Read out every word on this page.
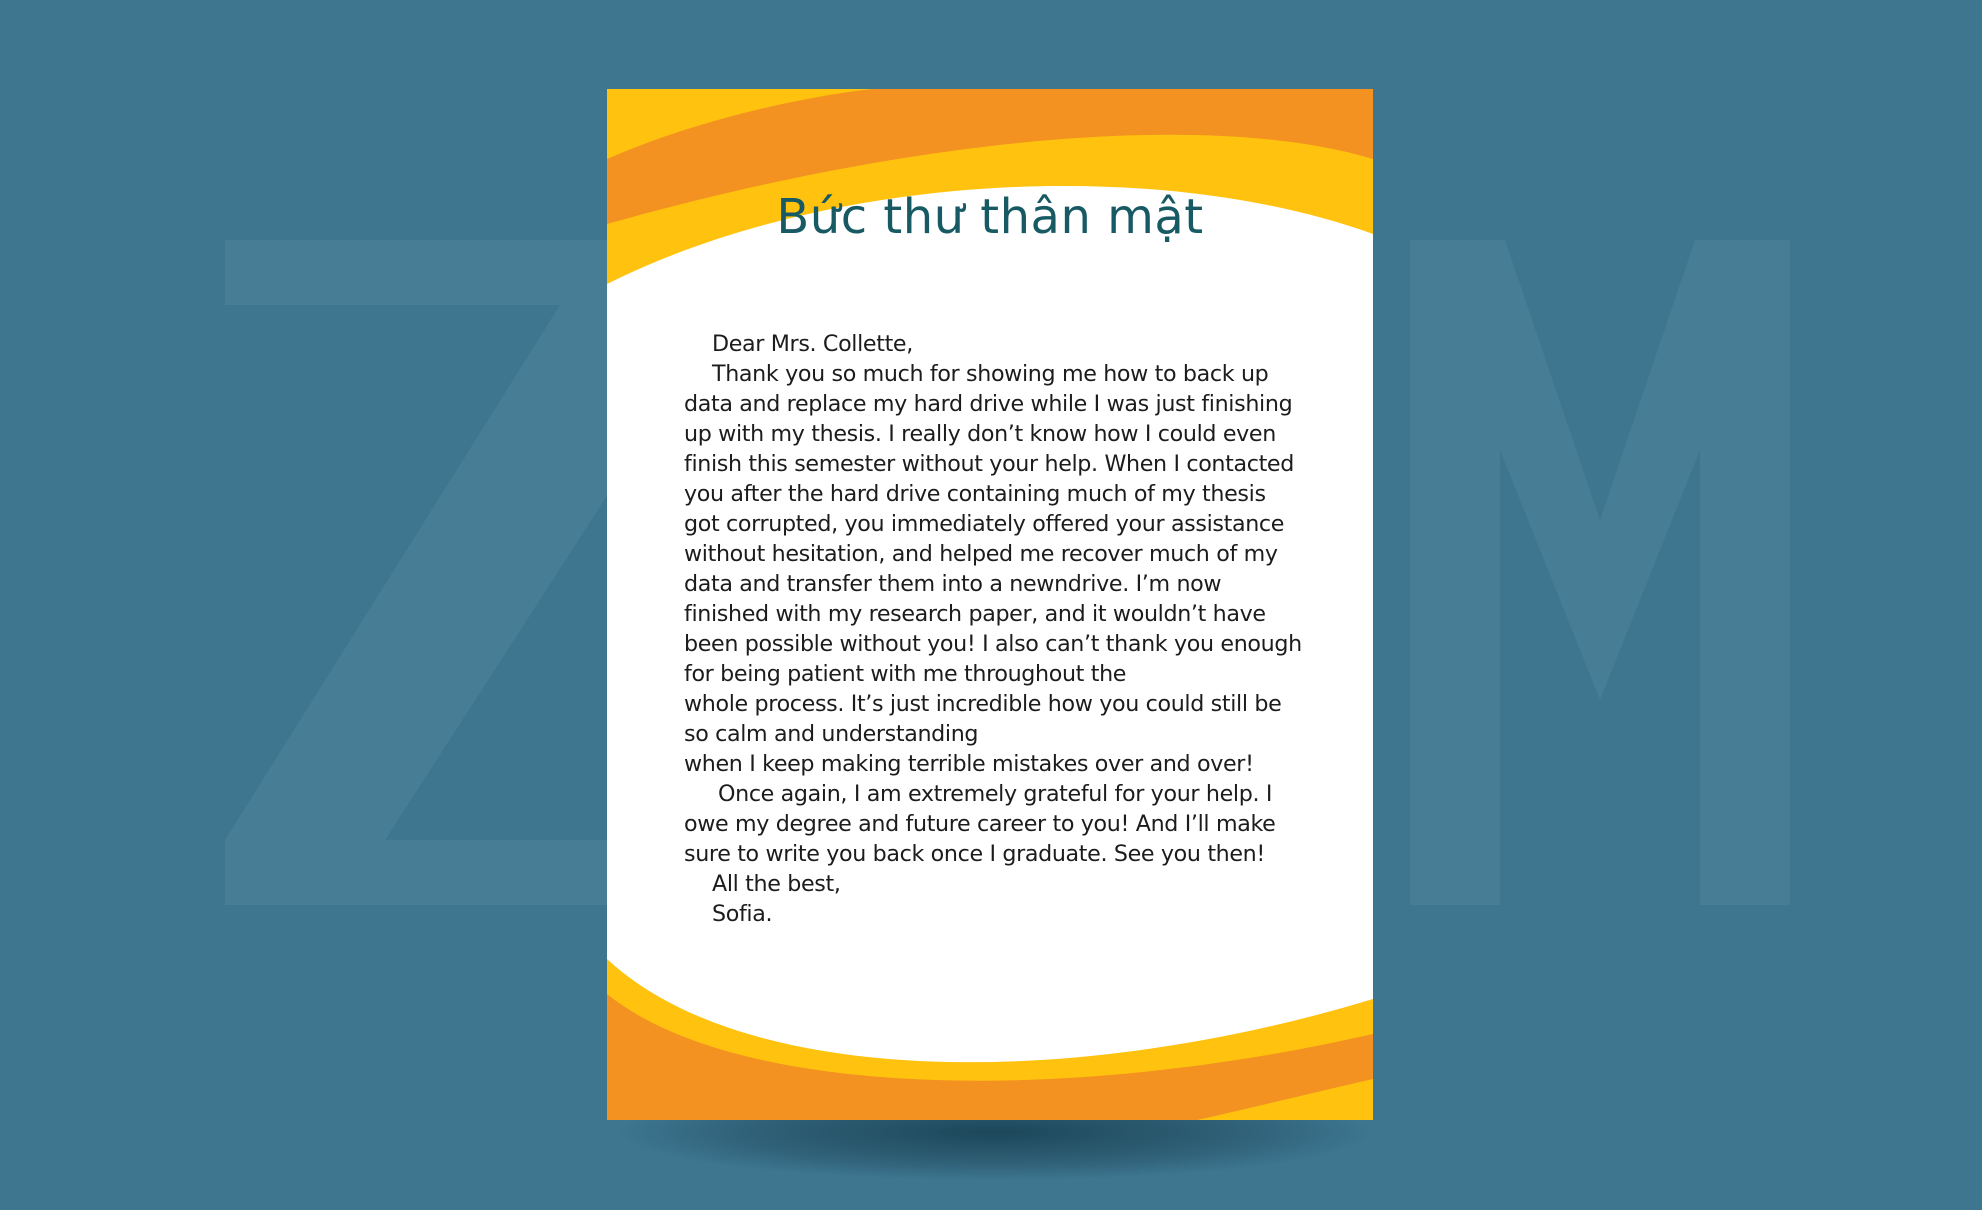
Bức thư thân mật
Dear Mrs. Collette,
Thank you so much for showing me how to back up
data and replace my hard drive while I was just finishing
up with my thesis. I really don’t know how I could even
finish this semester without your help. When I contacted
you after the hard drive containing much of my thesis
got corrupted, you immediately offered your assistance
without hesitation, and helped me recover much of my
data and transfer them into a newndrive. I’m now
finished with my research paper, and it wouldn’t have
been possible without you! I also can’t thank you enough
for being patient with me throughout the
whole process. It’s just incredible how you could still be
so calm and understanding
when I keep making terrible mistakes over and over!
Once again, I am extremely grateful for your help. I
owe my degree and future career to you! And I’ll make
sure to write you back once I graduate. See you then!
All the best,
Sofia.
